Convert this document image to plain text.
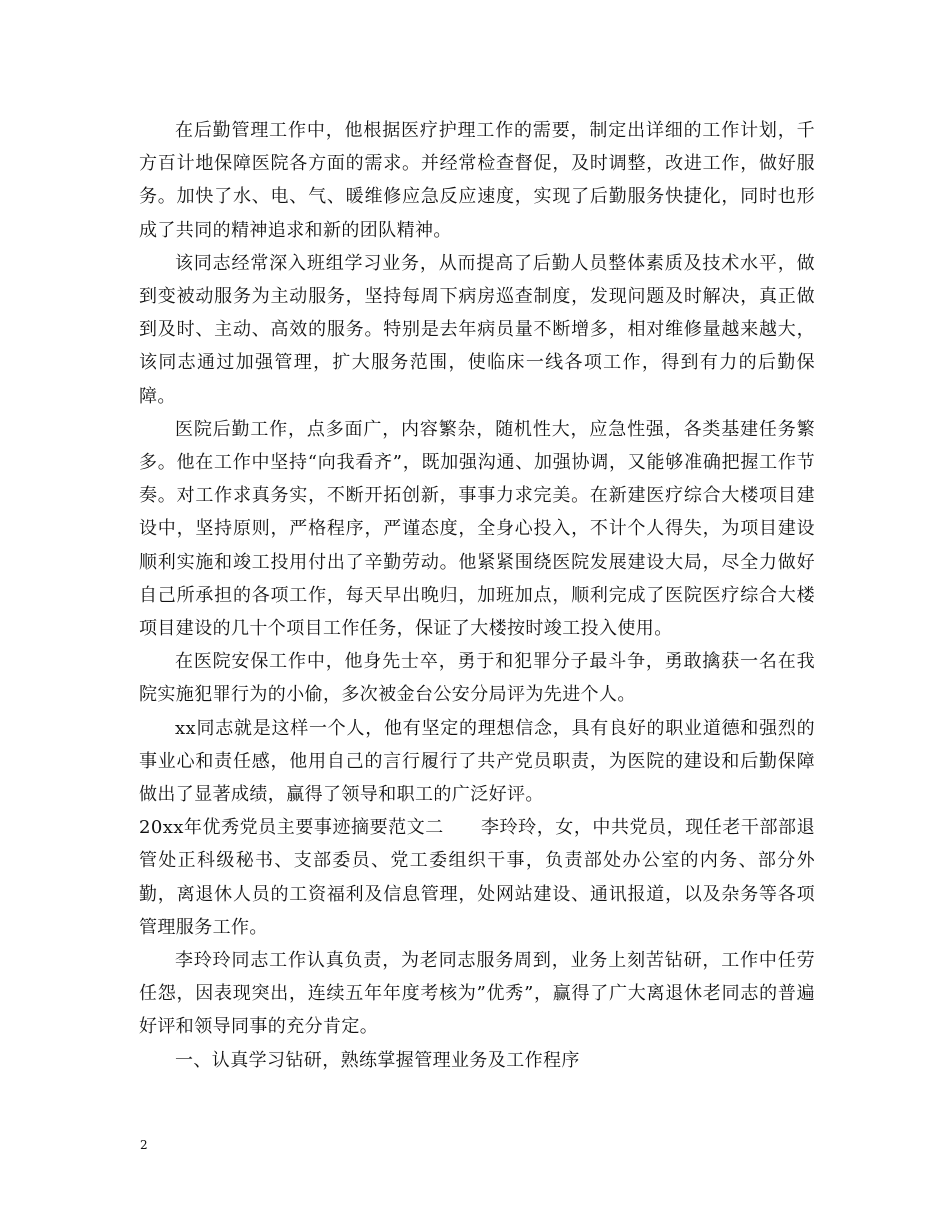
在后勤管理工作中，他根据医疗护理工作的需要，制定出详细的工作计划，千方百计地保障医院各方面的需求。并经常检查督促，及时调整，改进工作，做好服务。加快了水、电、气、暖维修应急反应速度，实现了后勤服务快捷化，同时也形成了共同的精神追求和新的团队精神。

该同志经常深入班组学习业务，从而提高了后勤人员整体素质及技术水平，做到变被动服务为主动服务，坚持每周下病房巡查制度，发现问题及时解决，真正做到及时、主动、高效的服务。特别是去年病员量不断增多，相对维修量越来越大，该同志通过加强管理，扩大服务范围，使临床一线各项工作，得到有力的后勤保障。

医院后勤工作，点多面广，内容繁杂，随机性大，应急性强，各类基建任务繁多。他在工作中坚持“向我看齐”，既加强沟通、加强协调，又能够准确把握工作节奏。对工作求真务实，不断开拓创新，事事力求完美。在新建医疗综合大楼项目建设中，坚持原则，严格程序，严谨态度，全身心投入，不计个人得失，为项目建设顺利实施和竣工投用付出了辛勤劳动。他紧紧围绕医院发展建设大局，尽全力做好自己所承担的各项工作，每天早出晚归，加班加点，顺利完成了医院医疗综合大楼项目建设的几十个项目工作任务，保证了大楼按时竣工投入使用。

在医院安保工作中，他身先士卒，勇于和犯罪分子最斗争，勇敢擒获一名在我院实施犯罪行为的小偷，多次被金台公安分局评为先进个人。

xx同志就是这样一个人，他有坚定的理想信念，具有良好的职业道德和强烈的事业心和责任感，他用自己的言行履行了共产党员职责，为医院的建设和后勤保障做出了显著成绩，赢得了领导和职工的广泛好评。

20xx年优秀党员主要事迹摘要范文二　　李玲玲，女，中共党员，现任老干部部退管处正科级秘书、支部委员、党工委组织干事，负责部处办公室的内务、部分外勤，离退休人员的工资福利及信息管理，处网站建设、通讯报道，以及杂务等各项管理服务工作。

李玲玲同志工作认真负责，为老同志服务周到，业务上刻苦钻研，工作中任劳任怨，因表现突出，连续五年年度考核为”优秀”，赢得了广大离退休老同志的普遍好评和领导同事的充分肯定。

一、认真学习钻研，熟练掌握管理业务及工作程序

2
